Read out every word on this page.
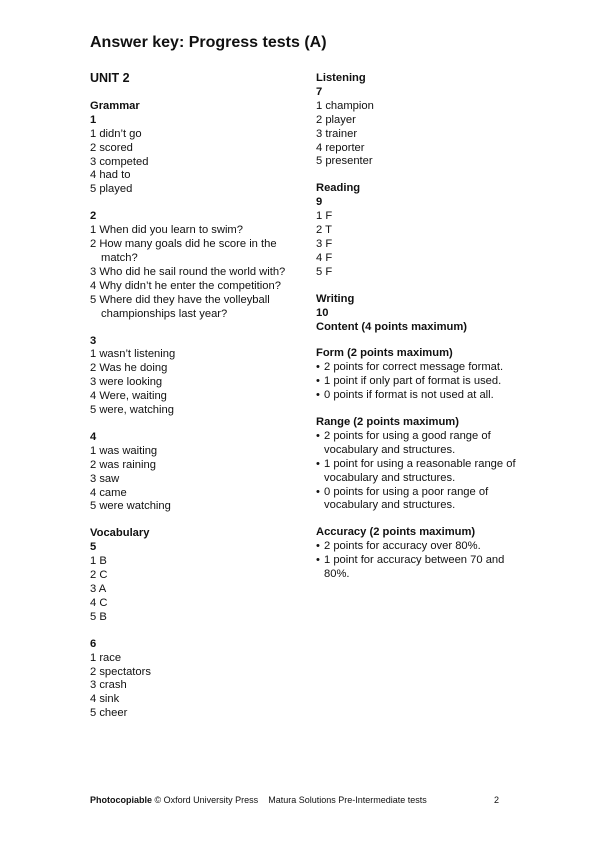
Answer key: Progress tests (A)
UNIT 2
Grammar
1
1 didn’t go
2 scored
3 competed
4 had to
5 played
2
1 When did you learn to swim?
2 How many goals did he score in the match?
3 Who did he sail round the world with?
4 Why didn’t he enter the competition?
5 Where did they have the volleyball championships last year?
3
1 wasn’t listening
2 Was he doing
3 were looking
4 Were, waiting
5 were, watching
4
1 was waiting
2 was raining
3 saw
4 came
5 were watching
Vocabulary
5
1 B
2 C
3 A
4 C
5 B
6
1 race
2 spectators
3 crash
4 sink
5 cheer
Listening
7
1 champion
2 player
3 trainer
4 reporter
5 presenter
Reading
9
1 F
2 T
3 F
4 F
5 F
Writing
10
Content (4 points maximum)
Form (2 points maximum)
• 2 points for correct message format.
• 1 point if only part of format is used.
• 0 points if format is not used at all.
Range (2 points maximum)
• 2 points for using a good range of vocabulary and structures.
• 1 point for using a reasonable range of vocabulary and structures.
• 0 points for using a poor range of vocabulary and structures.
Accuracy (2 points maximum)
• 2 points for accuracy over 80%.
• 1 point for accuracy between 70 and 80%.
Photocopiable © Oxford University Press Matura Solutions Pre-Intermediate tests	2
